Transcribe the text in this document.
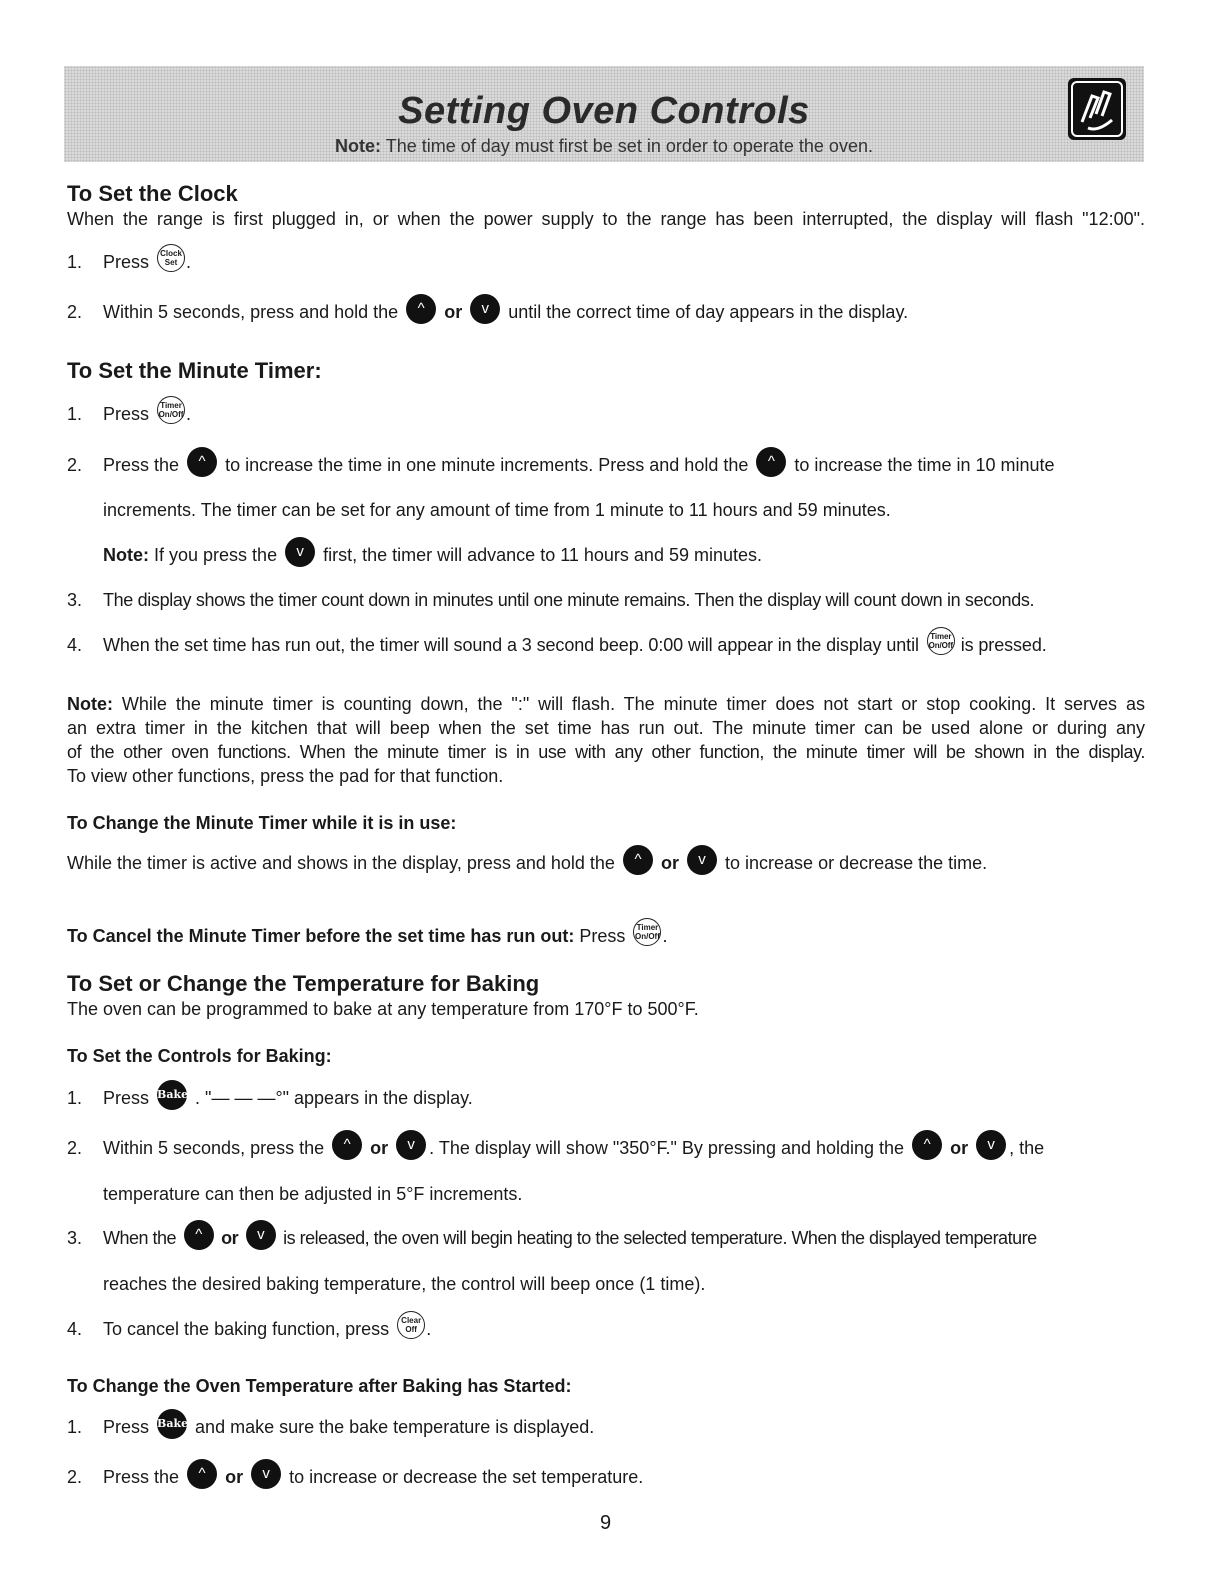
Setting Oven Controls
Note: The time of day must first be set in order to operate the oven.
To Set the Clock
When the range is first plugged in, or when the power supply to the range has been interrupted, the display will flash "12:00".
1. Press Clock
Set .
2. Within 5 seconds, press and hold the ^ or v until the correct time of day appears in the display.
To Set the Minute Timer:
1. Press Timer
On/Off .
2. Press the ^ to increase the time in one minute increments. Press and hold the ^ to increase the time in 10 minute
increments. The timer can be set for any amount of time from 1 minute to 11 hours and 59 minutes.
Note: If you press the v first, the timer will advance to 11 hours and 59 minutes.
3. The display shows the timer count down in minutes until one minute remains. Then the display will count down in seconds.
4. When the set time has run out, the timer will sound a 3 second beep. 0:00 will appear in the display until Timer
On/Off is pressed.
Note: While the minute timer is counting down, the ":" will flash. The minute timer does not start or stop cooking. It serves as
an extra timer in the kitchen that will beep when the set time has run out. The minute timer can be used alone or during any
of the other oven functions. When the minute timer is in use with any other function, the minute timer will be shown in the display.
To view other functions, press the pad for that function.
To Change the Minute Timer while it is in use:
While the timer is active and shows in the display, press and hold the ^ or v to increase or decrease the time.
To Cancel the Minute Timer before the set time has run out: Press Timer
On/Off .
To Set or Change the Temperature for Baking
The oven can be programmed to bake at any temperature from 170°F to 500°F.
To Set the Controls for Baking:
1. Press Bake . "— — —°" appears in the display.
2. Within 5 seconds, press the ^ or v . The display will show "350°F." By pressing and holding the ^ or v , the
temperature can then be adjusted in 5°F increments.
3. When the ^ or v is released, the oven will begin heating to the selected temperature. When the displayed temperature
reaches the desired baking temperature, the control will beep once (1 time).
4. To cancel the baking function, press Clear
Off .
To Change the Oven Temperature after Baking has Started:
1. Press Bake and make sure the bake temperature is displayed.
2. Press the ^ or v to increase or decrease the set temperature.
9
